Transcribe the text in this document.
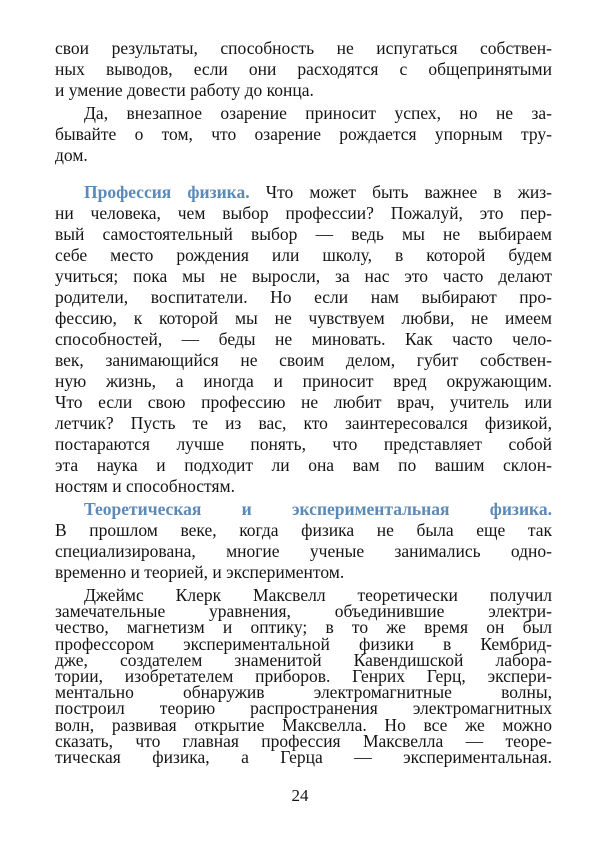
свои результаты, способность не испугаться собствен-
ных выводов, если они расходятся с общепринятыми
и умение довести работу до конца.
Да, внезапное озарение приносит успех, но не за-
бывайте о том, что озарение рождается упорным тру-
дом.
Профессия физика. Что может быть важнее в жиз-
ни человека, чем выбор профессии? Пожалуй, это пер-
вый самостоятельный выбор — ведь мы не выбираем
себе место рождения или школу, в которой будем
учиться; пока мы не выросли, за нас это часто делают
родители, воспитатели. Но если нам выбирают про-
фессию, к которой мы не чувствуем любви, не имеем
способностей, — беды не миновать. Как часто чело-
век, занимающийся не своим делом, губит собствен-
ную жизнь, а иногда и приносит вред окружающим.
Что если свою профессию не любит врач, учитель или
летчик? Пусть те из вас, кто заинтересовался физикой,
постараются лучше понять, что представляет собой
эта наука и подходит ли она вам по вашим склон-
ностям и способностям.
Теоретическая и экспериментальная физика.
В прошлом веке, когда физика не была еще так
специализирована, многие ученые занимались одно-
временно и теорией, и экспериментом.
Джеймс Клерк Максвелл теоретически получил
замечательные уравнения, объединившие электри-
чество, магнетизм и оптику; в то же время он был
профессором экспериментальной физики в Кембрид-
дже, создателем знаменитой Кавендишской лабора-
тории, изобретателем приборов. Генрих Герц, экспери-
ментально обнаружив электромагнитные волны,
построил теорию распространения электромагнитных
волн, развивая открытие Максвелла. Но все же можно
сказать, что главная профессия Максвелла — теоре-
тическая физика, а Герца — экспериментальная.
24
